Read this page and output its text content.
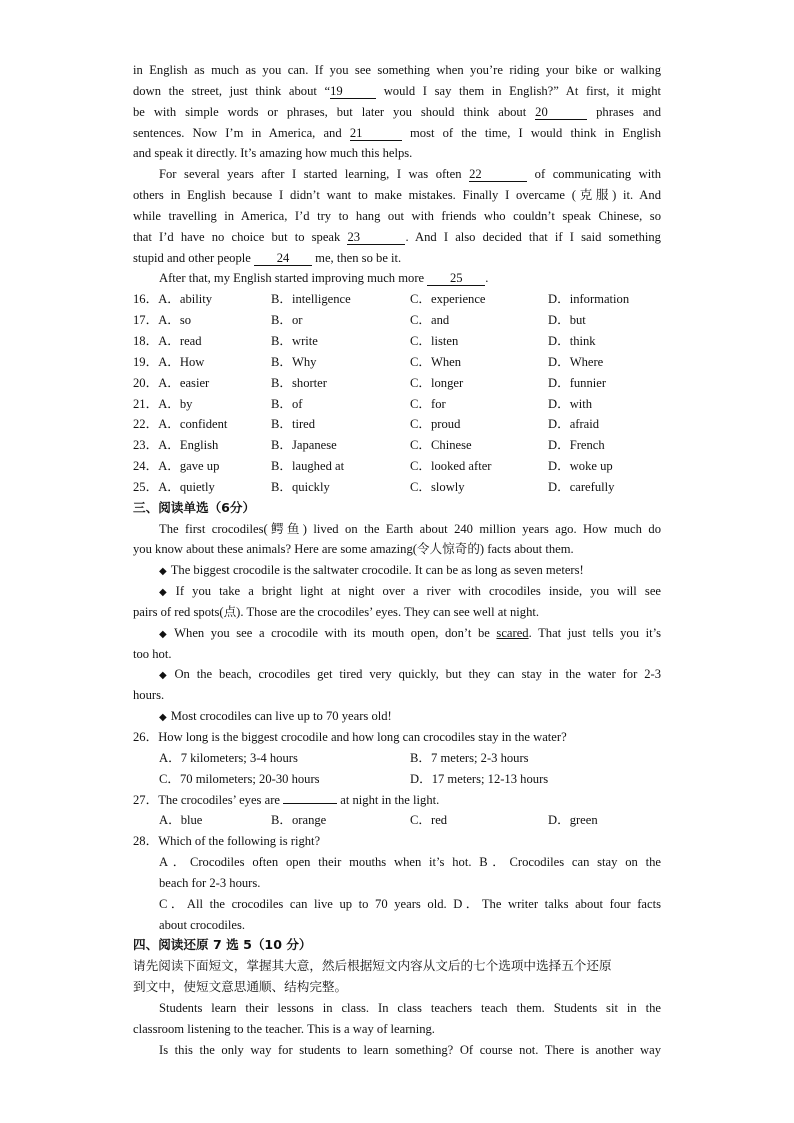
in English as much as you can. If you see something when you’re riding your bike or walking
down the street, just think about “19	would I say them in English?” At first, it might
be with simple words or phrases, but later you should think about 20	phrases and
sentences. Now I’m in America, and 21	most of the time, I would think in English
and speak it directly. It’s amazing how much this helps.
For several years after I started learning, I was often 22	of communicating with
others in English because I didn’t want to make mistakes. Finally I overcame (克服) it. And
while travelling in America, I’d try to hang out with friends who couldn’t speak Chinese, so
that I’d have no choice but to speak 23	. And I also decided that if I said something
stupid and other people 24 me, then so be it.
After that, my English started improving much more 25 .
16．A．ability	B．intelligence	C．experience	D．information
17．A．so	B．or	C．and	D．but
18．A．read	B．write	C．listen	D．think
19．A．How	B．Why	C．When	D．Where
20．A．easier	B．shorter	C．longer	D．funnier
21．A．by	B．of	C．for	D．with
22．A．confident	B．tired	C．proud	D．afraid
23．A．English	B．Japanese	C．Chinese	D．French
24．A．gave up	B．laughed at	C．looked after	D．woke up
25．A．quietly	B．quickly	C．slowly	D．carefully
三、阅读单选（6分）
The first crocodiles(鳄鱼) lived on the Earth about 240 million years ago. How much do
you know about these animals? Here are some amazing(令人惊奇的) facts about them.
◆ The biggest crocodile is the saltwater crocodile. It can be as long as seven meters!
◆ If you take a bright light at night over a river with crocodiles inside, you will see
pairs of red spots(点). Those are the crocodiles’ eyes. They can see well at night.
◆ When you see a crocodile with its mouth open, don’t be scared. That just tells you it’s
too hot.
◆ On the beach, crocodiles get tired very quickly, but they can stay in the water for 2-3
hours.
◆ Most crocodiles can live up to 70 years old!
26．How long is the biggest crocodile and how long can crocodiles stay in the water?
A．7 kilometers; 3-4 hours	B．7 meters; 2-3 hours
C．70 milometers; 20-30 hours	D．17 meters; 12-13 hours
27．The crocodiles’ eyes are	at night in the light.
A．blue	B．orange	C．red	D．green
28．Which of the following is right?
A．Crocodiles often open their mouths when it’s hot. B．Crocodiles can stay on the
beach for 2-3 hours.
C．All the crocodiles can live up to 70 years old. D．The writer talks about four facts
about crocodiles.
四、阅读还原 7 选 5（10 分）
请先阅读下面短文，掌握其大意，然后根据短文内容从文后的七个选项中选择五个还原
到文中，使短文意思通顺、结构完整。
Students learn their lessons in class. In class teachers teach them. Students sit in the
classroom listening to the teacher. This is a way of learning.
Is this the only way for students to learn something? Of course not. There is another way
